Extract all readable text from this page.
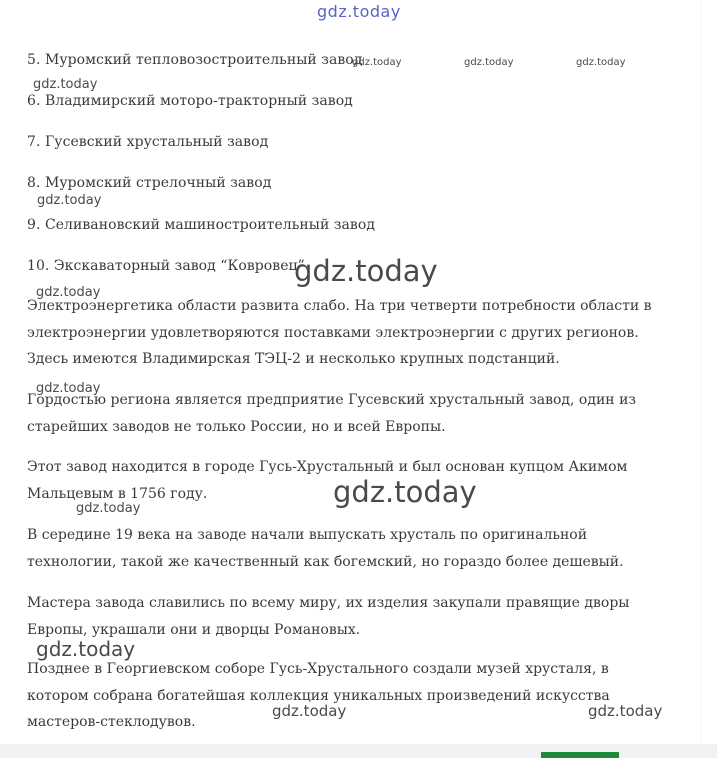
gdz.today
5. Муромский тепловозостроительный завод
6. Владимирский моторо-тракторный завод
7. Гусевский хрустальный завод
8. Муромский стрелочный завод
9. Селивановский машиностроительный завод
10. Экскаваторный завод “Ковровец”
Электроэнергетика области развита слабо. На три четверти потребности области в электроэнергии удовлетворяются поставками электроэнергии с других регионов. Здесь имеются Владимирская ТЭЦ-2 и несколько крупных подстанций.
Гордостью региона является предприятие Гусевский хрустальный завод, один из старейших заводов не только России, но и всей Европы.
Этот завод находится в городе Гусь-Хрустальный и был основан купцом Акимом Мальцевым в 1756 году.
В середине 19 века на заводе начали выпускать хрусталь по оригинальной технологии, такой же качественный как богемский, но гораздо более дешевый.
Мастера завода славились по всему миру, их изделия закупали правящие дворы Европы, украшали они и дворцы Романовых.
Позднее в Георгиевском соборе Гусь-Хрустального создали музей хрусталя, в котором собрана богатейшая коллекция уникальных произведений искусства мастеров-стеклодувов.
gdz.today	gdz.today	gdz.today
gdz.today
gdz.today
gdz.today
gdz.today
gdz.today
gdz.today
gdz.today
gdz.today
gdz.today	gdz.today
